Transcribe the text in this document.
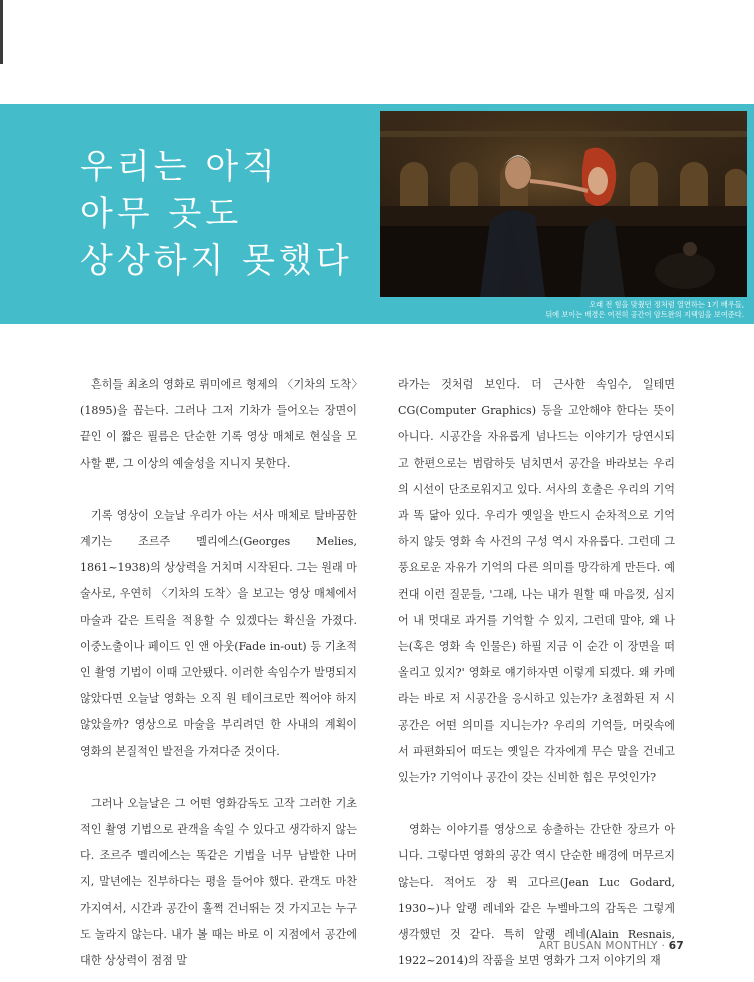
우리는 아직
아무 곳도
상상하지 못했다
오래 전 힘을 맞췄던 정처럼 열연하는 1기 배우들,
뒤에 보이는 배경은 여전히 공간이 암트완의 지택임을 보여준다.

흔히들 최초의 영화로 뤼미에르 형제의 〈기차의 도착〉(1895)을 꼽는다. 그러나 그저 기차가 들어오는 장면이 끝인 이 짧은 필름은 단순한 기록 영상 매체로 현실을 모사할 뿐, 그 이상의 예술성을 지니지 못한다.

기록 영상이 오늘날 우리가 아는 서사 매체로 탈바꿈한 계기는 조르주 멜리에스(Georges Melies, 1861~1938)의 상상력을 거치며 시작된다. 그는 원래 마술사로, 우연히 〈기차의 도착〉을 보고는 영상 매체에서 마술과 같은 트릭을 적용할 수 있겠다는 확신을 가졌다. 이중노출이나 페이드 인 앤 아웃(Fade in-out) 등 기초적인 촬영 기법이 이때 고안됐다. 이러한 속임수가 발명되지 않았다면 오늘날 영화는 오직 원 테이크로만 찍어야 하지 않았을까? 영상으로 마술을 부리려던 한 사내의 계획이 영화의 본질적인 발전을 가져다준 것이다.

그러나 오늘날은 그 어떤 영화감독도 고작 그러한 기초적인 촬영 기법으로 관객을 속일 수 있다고 생각하지 않는다. 조르주 멜리에스는 똑같은 기법을 너무 남발한 나머지, 말년에는 진부하다는 평을 들어야 했다. 관객도 마찬가지여서, 시간과 공간이 훌쩍 건너뛰는 것 가지고는 누구도 놀라지 않는다. 내가 볼 때는 바로 이 지점에서 공간에 대한 상상력이 점점 말

라가는 것처럼 보인다. 더 근사한 속임수, 일테면 CG(Computer Graphics) 등을 고안해야 한다는 뜻이 아니다. 시공간을 자유롭게 넘나드는 이야기가 당연시되고 한편으로는 범람하듯 넘치면서 공간을 바라보는 우리의 시선이 단조로워지고 있다. 서사의 호출은 우리의 기억과 똑 닮아 있다. 우리가 옛일을 반드시 순차적으로 기억하지 않듯 영화 속 사건의 구성 역시 자유롭다. 그런데 그 풍요로운 자유가 기억의 다른 의미를 망각하게 만든다. 예컨대 이런 질문들, '그래, 나는 내가 원할 때 마음껏, 심지어 내 멋대로 과거를 기억할 수 있지, 그런데 말야, 왜 나는(혹은 영화 속 인물은) 하필 지금 이 순간 이 장면을 떠올리고 있지?' 영화로 얘기하자면 이렇게 되겠다. 왜 카메라는 바로 저 시공간을 응시하고 있는가? 초점화된 저 시공간은 어떤 의미를 지니는가? 우리의 기억들, 머릿속에서 파편화되어 떠도는 옛일은 각자에게 무슨 말을 건네고 있는가? 기억이나 공간이 갖는 신비한 힘은 무엇인가?

영화는 이야기를 영상으로 송출하는 간단한 장르가 아니다. 그렇다면 영화의 공간 역시 단순한 배경에 머무르지 않는다. 적어도 장 뤽 고다르(Jean Luc Godard, 1930~)나 알랭 레네와 같은 누벨바그의 감독은 그렇게 생각했던 것 같다. 특히 알랭 레네(Alain Resnais, 1922~2014)의 작품을 보면 영화가 그저 이야기의 재

ART BUSAN MONTHLY · 67
